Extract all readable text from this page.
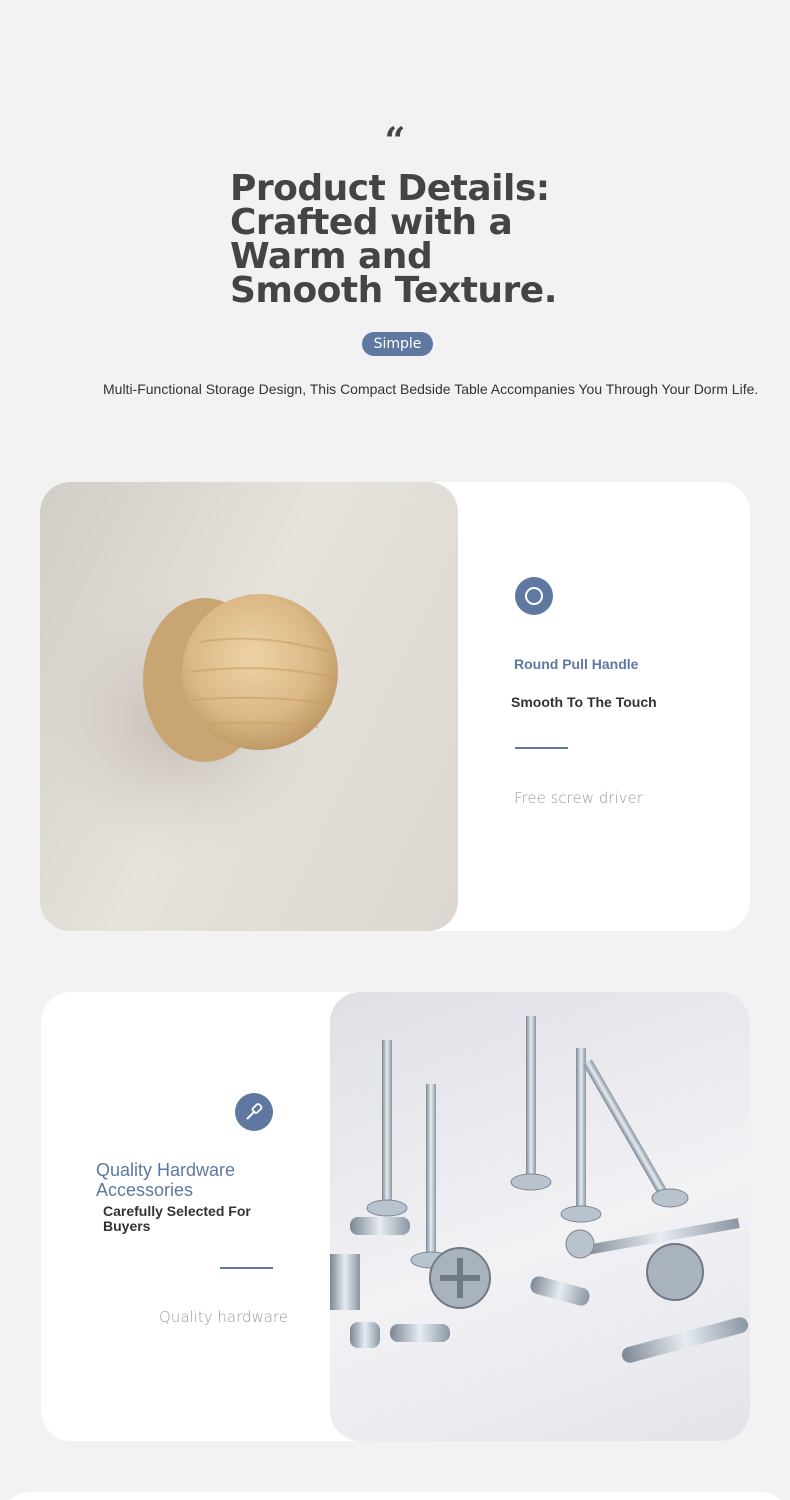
“
Product Details: Crafted with a Warm and Smooth Texture.
Simple
Multi-Functional Storage Design, This Compact Bedside Table Accompanies You Through Your Dorm Life.
Round Pull Handle
Smooth To The Touch
Free screw driver
Quality Hardware Accessories
Carefully Selected For Buyers
Quality hardware
